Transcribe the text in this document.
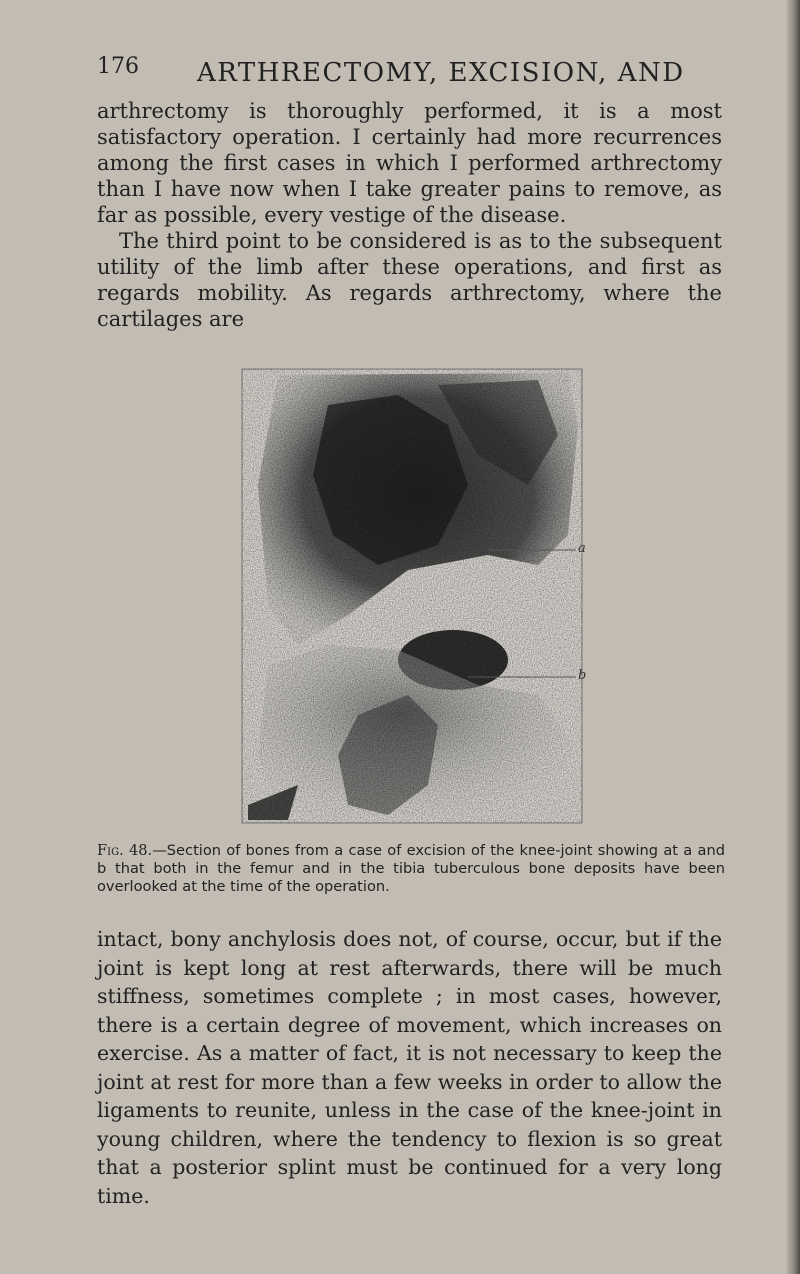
176 ARTHRECTOMY, EXCISION, AND

arthrectomy is thoroughly performed, it is a most satisfactory operation. I certainly had more recurrences among the first cases in which I performed arthrectomy than I have now when I take greater pains to remove, as far as possible, every vestige of the disease.

The third point to be considered is as to the subsequent utility of the limb after these operations, and first as regards mobility. As regards arthrectomy, where the cartilages are

a
b
Fig. 48.—Section of bones from a case of excision of the knee-joint showing at a and b that both in the femur and in the tibia tuberculous bone deposits have been overlooked at the time of the operation.

intact, bony anchylosis does not, of course, occur, but if the joint is kept long at rest afterwards, there will be much stiffness, sometimes complete ; in most cases, however, there is a certain degree of movement, which increases on exercise. As a matter of fact, it is not necessary to keep the joint at rest for more than a few weeks in order to allow the ligaments to reunite, unless in the case of the knee-joint in young children, where the tendency to flexion is so great that a posterior splint must be continued for a very long time.
